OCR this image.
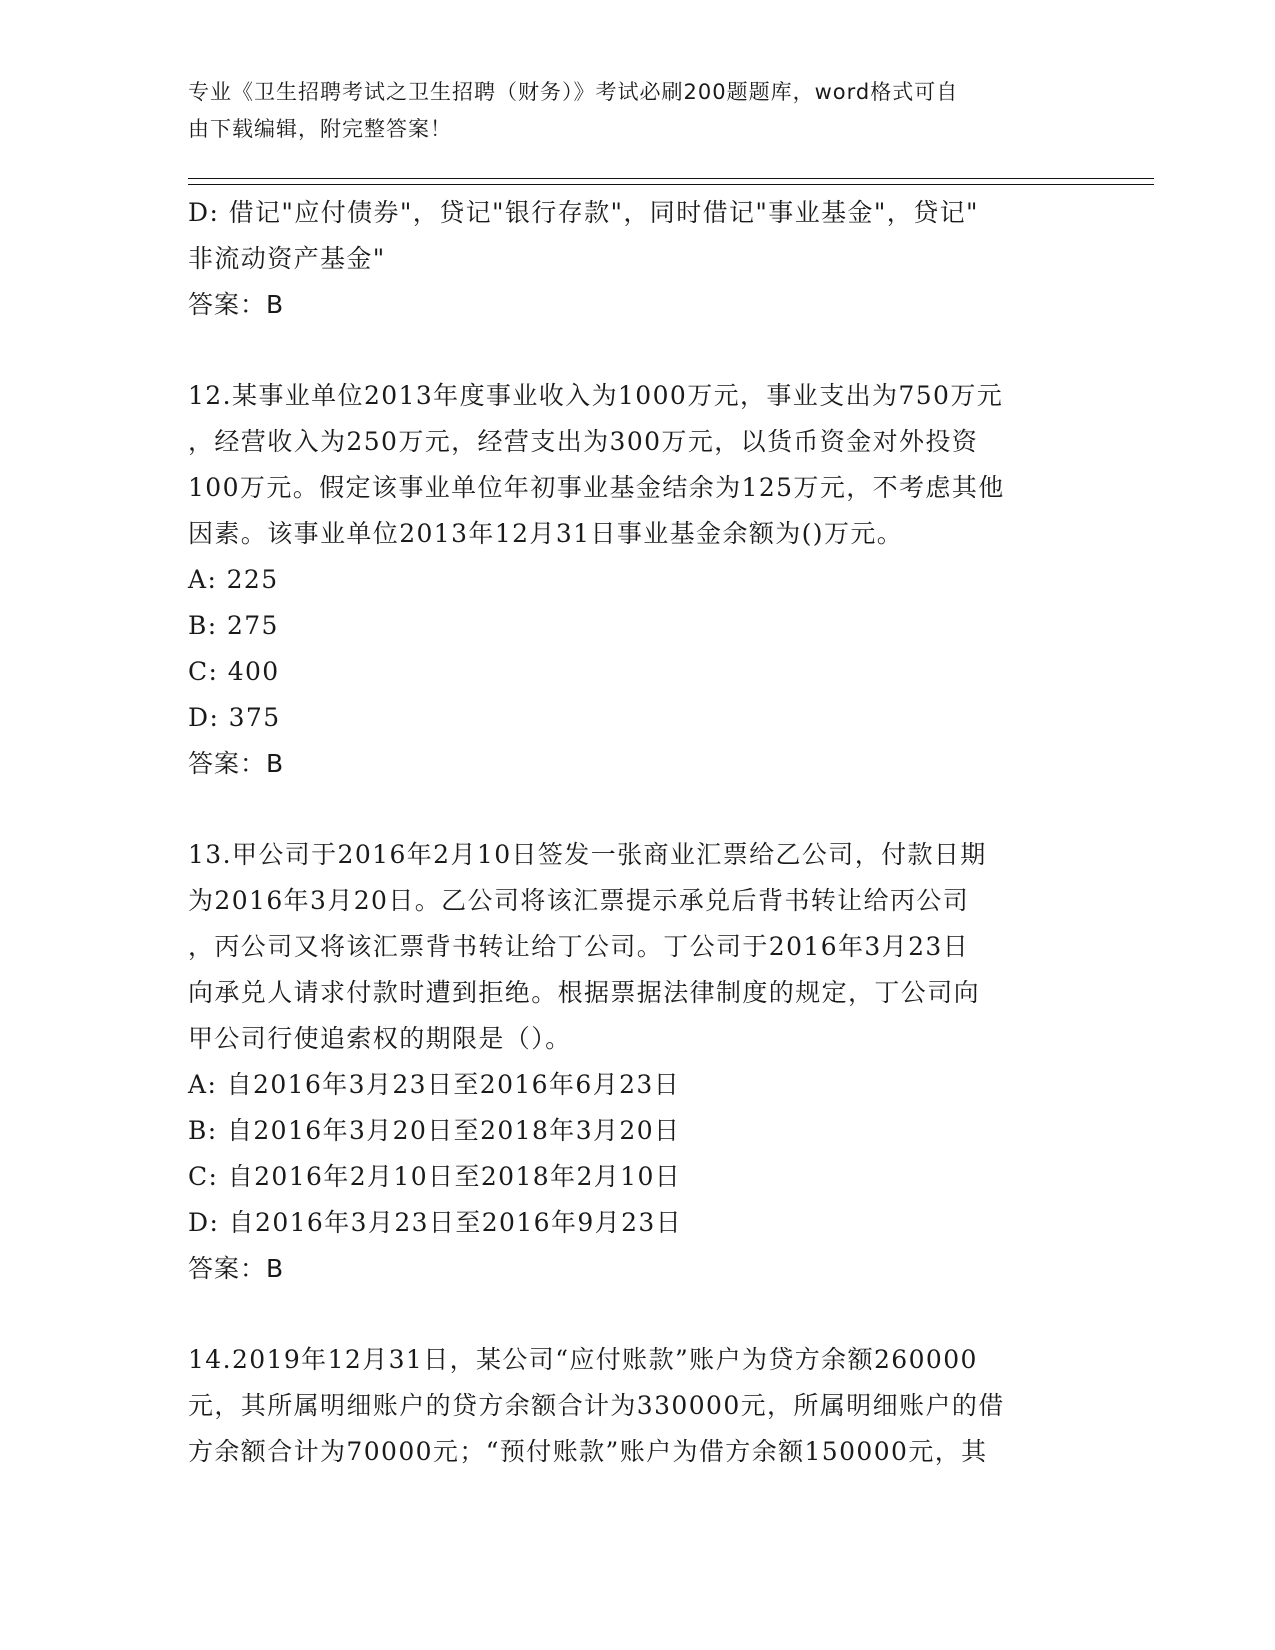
专业《卫生招聘考试之卫生招聘（财务）》考试必刷200题题库，word格式可自
由下载编辑，附完整答案！
D: 借记"应付债券"，贷记"银行存款"，同时借记"事业基金"，贷记"
非流动资产基金"
答案：B
12.某事业单位2013年度事业收入为1000万元，事业支出为750万元
，经营收入为250万元，经营支出为300万元，以货币资金对外投资
100万元。假定该事业单位年初事业基金结余为125万元，不考虑其他
因素。该事业单位2013年12月31日事业基金余额为()万元。
A: 225
B: 275
C: 400
D: 375
答案：B
13.甲公司于2016年2月10日签发一张商业汇票给乙公司，付款日期
为2016年3月20日。乙公司将该汇票提示承兑后背书转让给丙公司
，丙公司又将该汇票背书转让给丁公司。丁公司于2016年3月23日
向承兑人请求付款时遭到拒绝。根据票据法律制度的规定，丁公司向
甲公司行使追索权的期限是（）。
A: 自2016年3月23日至2016年6月23日
B: 自2016年3月20日至2018年3月20日
C: 自2016年2月10日至2018年2月10日
D: 自2016年3月23日至2016年9月23日
答案：B
14.2019年12月31日，某公司“应付账款”账户为贷方余额260000
元，其所属明细账户的贷方余额合计为330000元，所属明细账户的借
方余额合计为70000元；“预付账款”账户为借方余额150000元，其
